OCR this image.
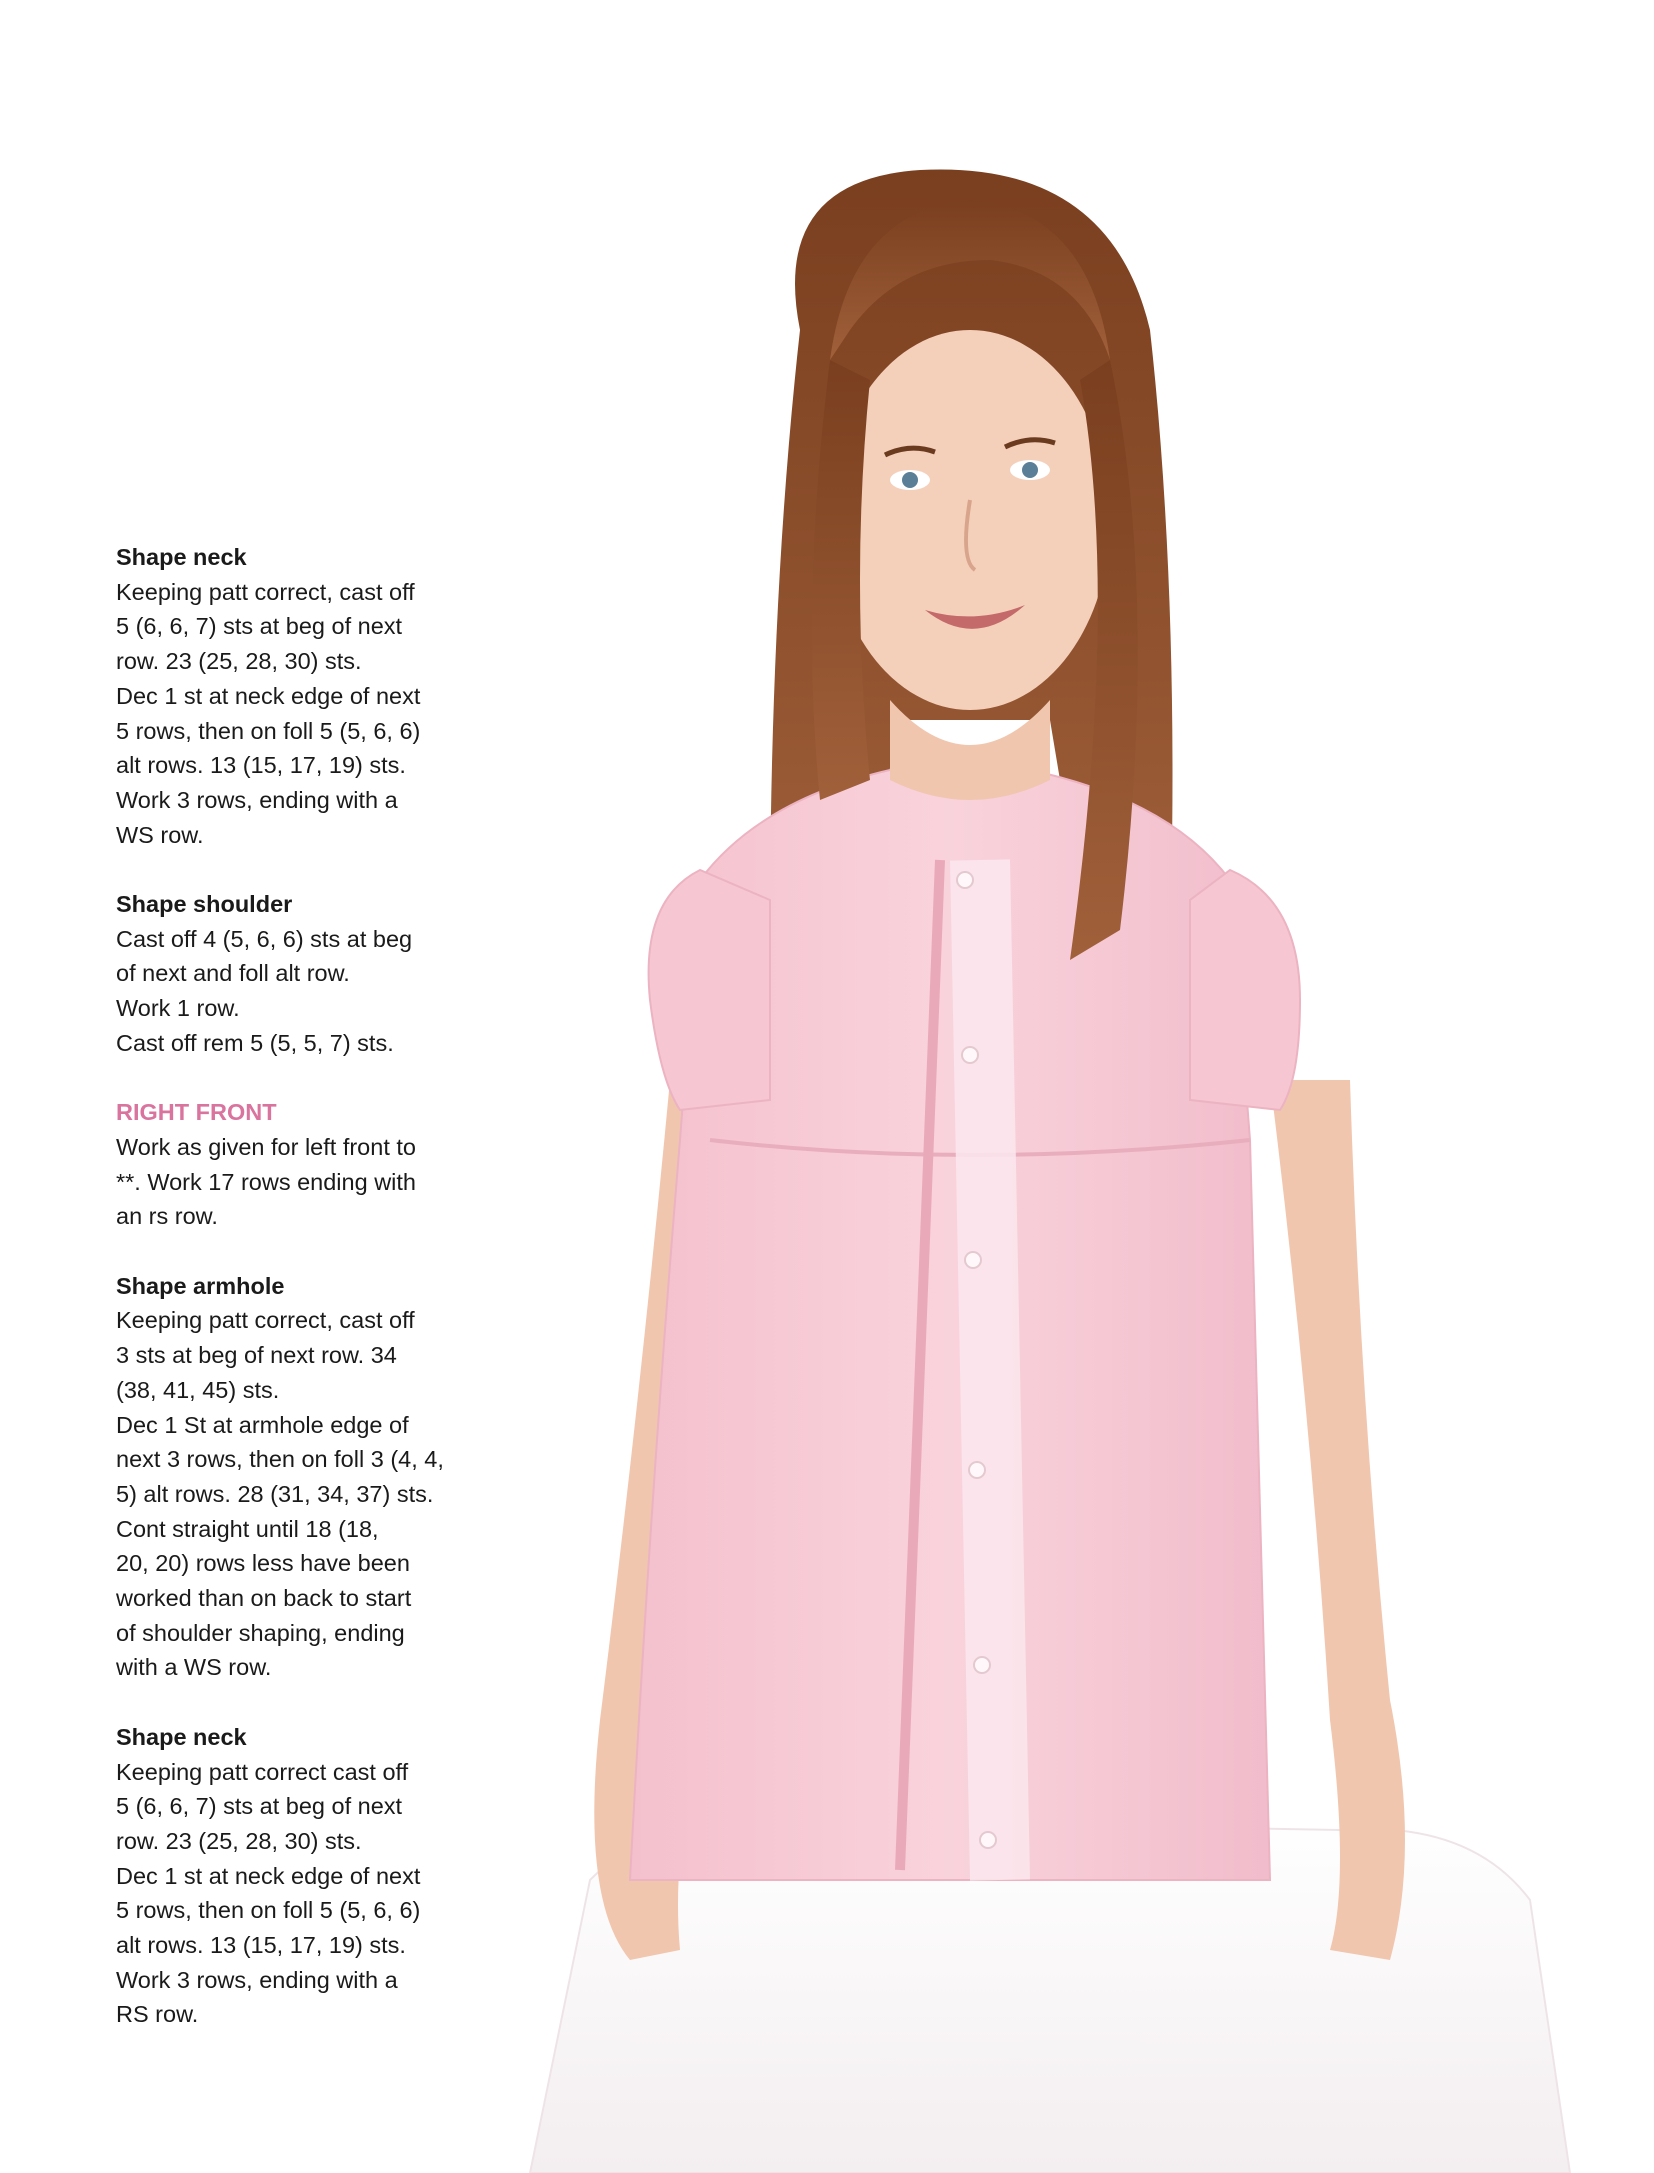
Shape neck
Keeping patt correct, cast off
5 (6, 6, 7) sts at beg of next
row. 23 (25, 28, 30) sts.
Dec 1 st at neck edge of next
5 rows, then on foll 5 (5, 6, 6)
alt rows. 13 (15, 17, 19) sts.
Work 3 rows, ending with a
WS row.
Shape shoulder
Cast off 4 (5, 6, 6) sts at beg
of next and foll alt row.
Work 1 row.
Cast off rem 5 (5, 5, 7) sts.
RIGHT FRONT
Work as given for left front to
**. Work 17 rows ending with
an rs row.
Shape armhole
Keeping patt correct, cast off
3 sts at beg of next row. 34
(38, 41, 45) sts.
Dec 1 St at armhole edge of
next 3 rows, then on foll 3 (4, 4,
5) alt rows. 28 (31, 34, 37) sts.
Cont straight until 18 (18,
20, 20) rows less have been
worked than on back to start
of shoulder shaping, ending
with a WS row.
Shape neck
Keeping patt correct cast off
5 (6, 6, 7) sts at beg of next
row. 23 (25, 28, 30) sts.
Dec 1 st at neck edge of next
5 rows, then on foll 5 (5, 6, 6)
alt rows. 13 (15, 17, 19) sts.
Work 3 rows, ending with a
RS row.
